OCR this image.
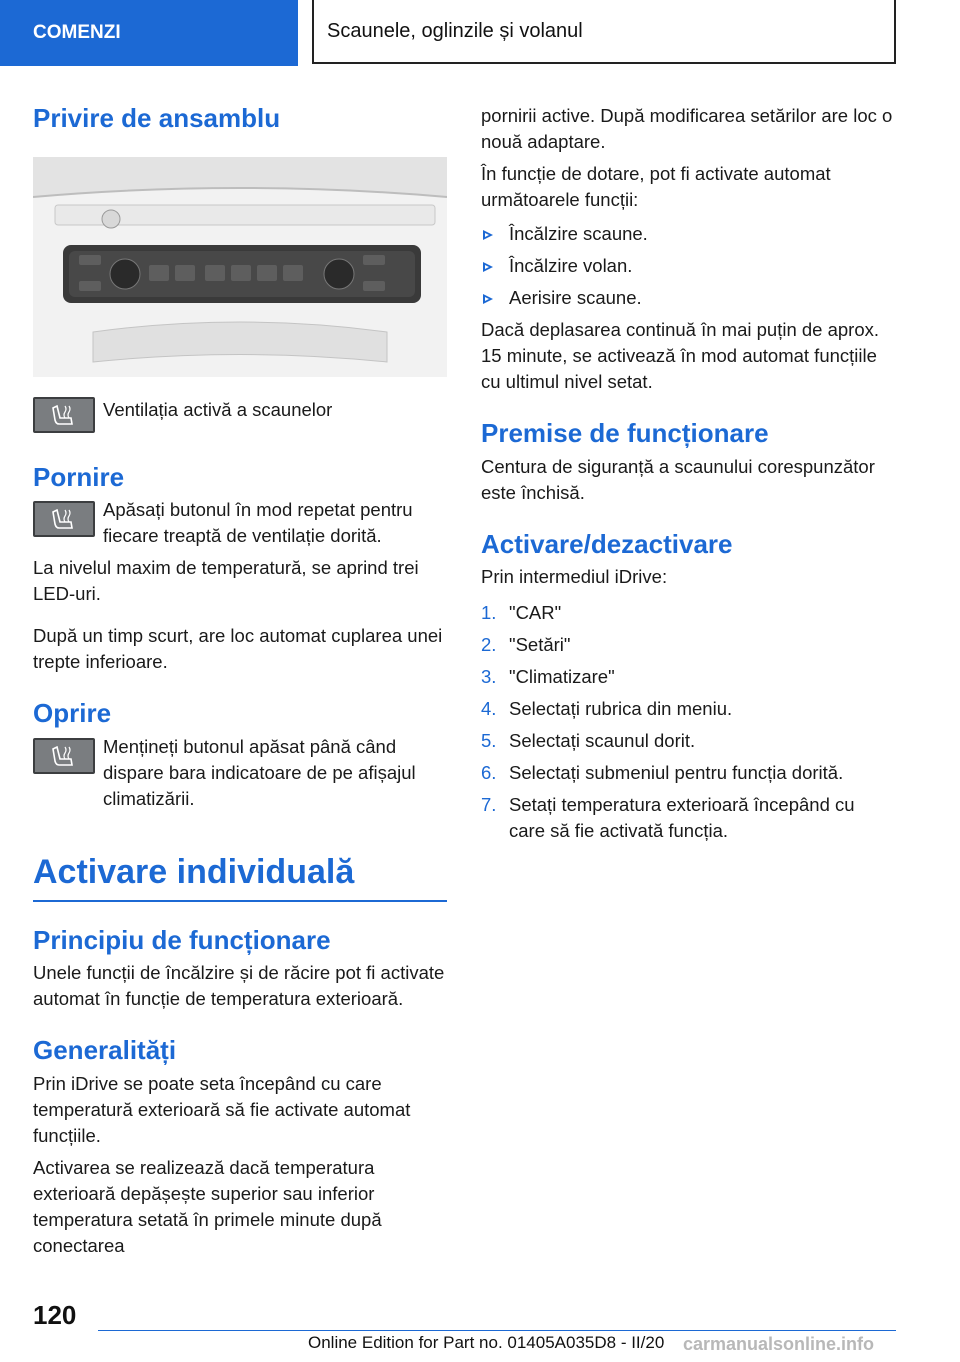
COMENZI	Scaunele, oglinzile și volanul
Privire de ansamblu

Ventilația activă a scaunelor

Pornire

Apăsați butonul în mod repetat pentru fiecare treaptă de ventilație dorită.

La nivelul maxim de temperatură, se aprind trei LED-uri.

După un timp scurt, are loc automat cuplarea unei trepte inferioare.

Oprire

Mențineți butonul apăsat până când dispare bara indicatoare de pe afișajul climatizării.

Activare individuală
Principiu de funcționare

Unele funcții de încălzire și de răcire pot fi activate automat în funcție de temperatura exterioară.

Generalități

Prin iDrive se poate seta începând cu care temperatură exterioară să fie activate automat funcțiile.

Activarea se realizează dacă temperatura exterioară depășește superior sau inferior temperatura setată în primele minute după conectarea

pornirii active. După modificarea setărilor are loc o nouă adaptare.

În funcție de dotare, pot fi activate automat următoarele funcții:

Încălzire scaune.
Încălzire volan.
Aerisire scaune.

Dacă deplasarea continuă în mai puțin de aprox. 15 minute, se activează în mod automat funcțiile cu ultimul nivel setat.

Premise de funcționare

Centura de siguranță a scaunului corespunzător este închisă.

Activare/dezactivare

Prin intermediul iDrive:

1. "CAR"
2. "Setări"
3. "Climatizare"
4. Selectați rubrica din meniu.
5. Selectați scaunul dorit.
6. Selectați submeniul pentru funcția dorită.
7. Setați temperatura exterioară începând cu care să fie activată funcția.
120
Online Edition for Part no. 01405A035D8 - II/20 carmanualsonline.info
